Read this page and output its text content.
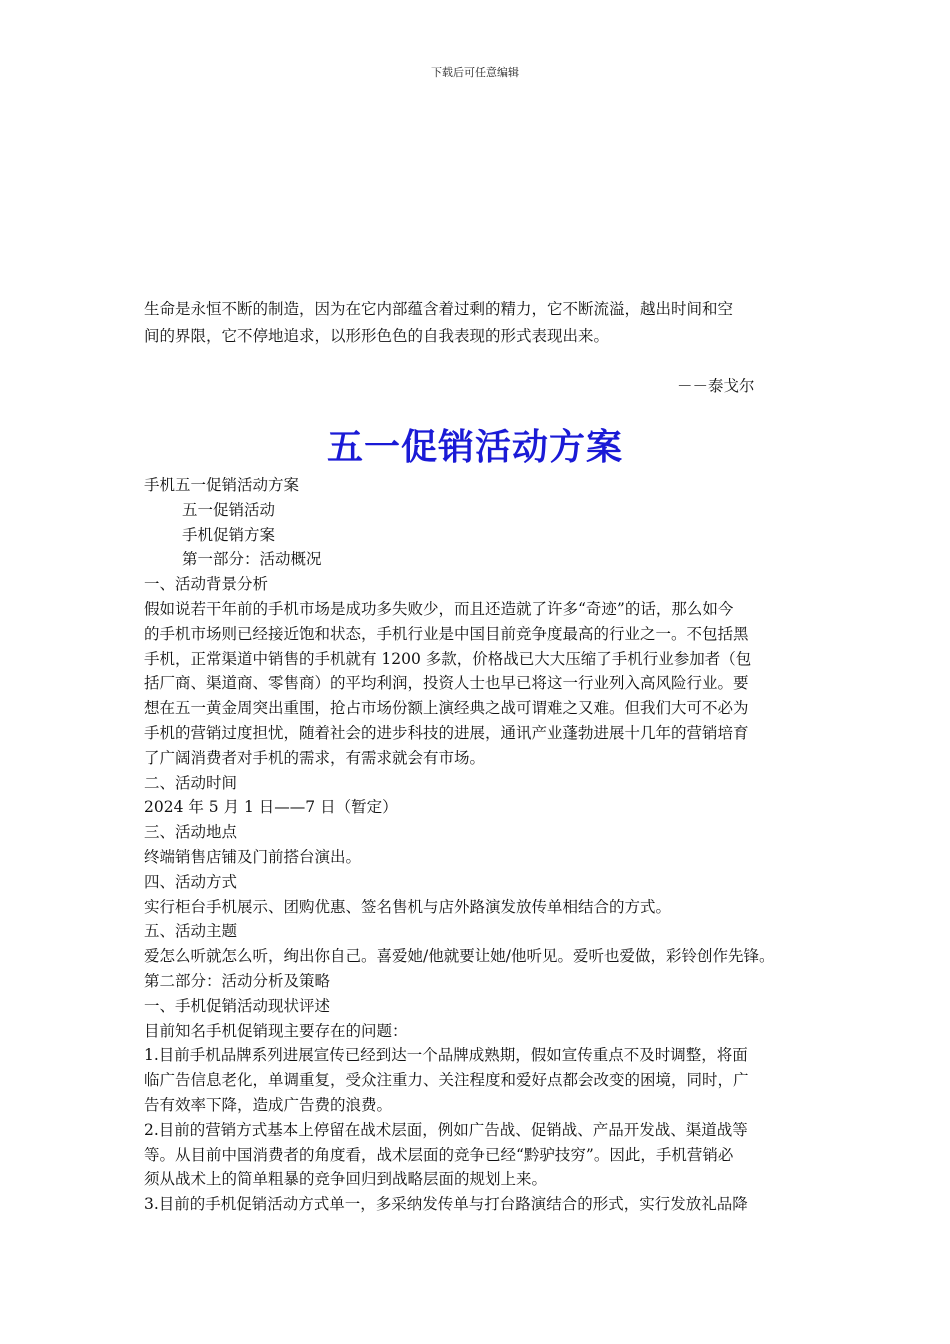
下载后可任意编辑
生命是永恒不断的制造，因为在它内部蕴含着过剩的精力，它不断流溢，越出时间和空
间的界限，它不停地追求，以形形色色的自我表现的形式表现出来。
－－泰戈尔
五一促销活动方案
手机五一促销活动方案
五一促销活动
手机促销方案
第一部分：活动概况
一、活动背景分析
假如说若干年前的手机市场是成功多失败少，而且还造就了许多“奇迹”的话，那么如今
的手机市场则已经接近饱和状态，手机行业是中国目前竞争度最高的行业之一。不包括黑
手机，正常渠道中销售的手机就有 1200 多款，价格战已大大压缩了手机行业参加者（包
括厂商、渠道商、零售商）的平均利润，投资人士也早已将这一行业列入高风险行业。要
想在五一黄金周突出重围，抢占市场份额上演经典之战可谓难之又难。但我们大可不必为
手机的营销过度担忧，随着社会的进步科技的进展，通讯产业蓬勃进展十几年的营销培育
了广阔消费者对手机的需求，有需求就会有市场。
二、活动时间
2024 年 5 月 1 日——7 日（暂定）
三、活动地点
终端销售店铺及门前搭台演出。
四、活动方式
实行柜台手机展示、团购优惠、签名售机与店外路演发放传单相结合的方式。
五、活动主题
爱怎么听就怎么听，绚出你自己。喜爱她/他就要让她/他听见。爱听也爱做，彩铃创作先锋。
第二部分：活动分析及策略
一、手机促销活动现状评述
目前知名手机促销现主要存在的问题：
1.目前手机品牌系列进展宣传已经到达一个品牌成熟期，假如宣传重点不及时调整，将面
临广告信息老化，单调重复，受众注重力、关注程度和爱好点都会改变的困境，同时，广
告有效率下降，造成广告费的浪费。
2.目前的营销方式基本上停留在战术层面，例如广告战、促销战、产品开发战、渠道战等
等。从目前中国消费者的角度看，战术层面的竞争已经“黔驴技穷”。因此，手机营销必
须从战术上的简单粗暴的竞争回归到战略层面的规划上来。
3.目前的手机促销活动方式单一，多采纳发传单与打台路演结合的形式，实行发放礼品降
